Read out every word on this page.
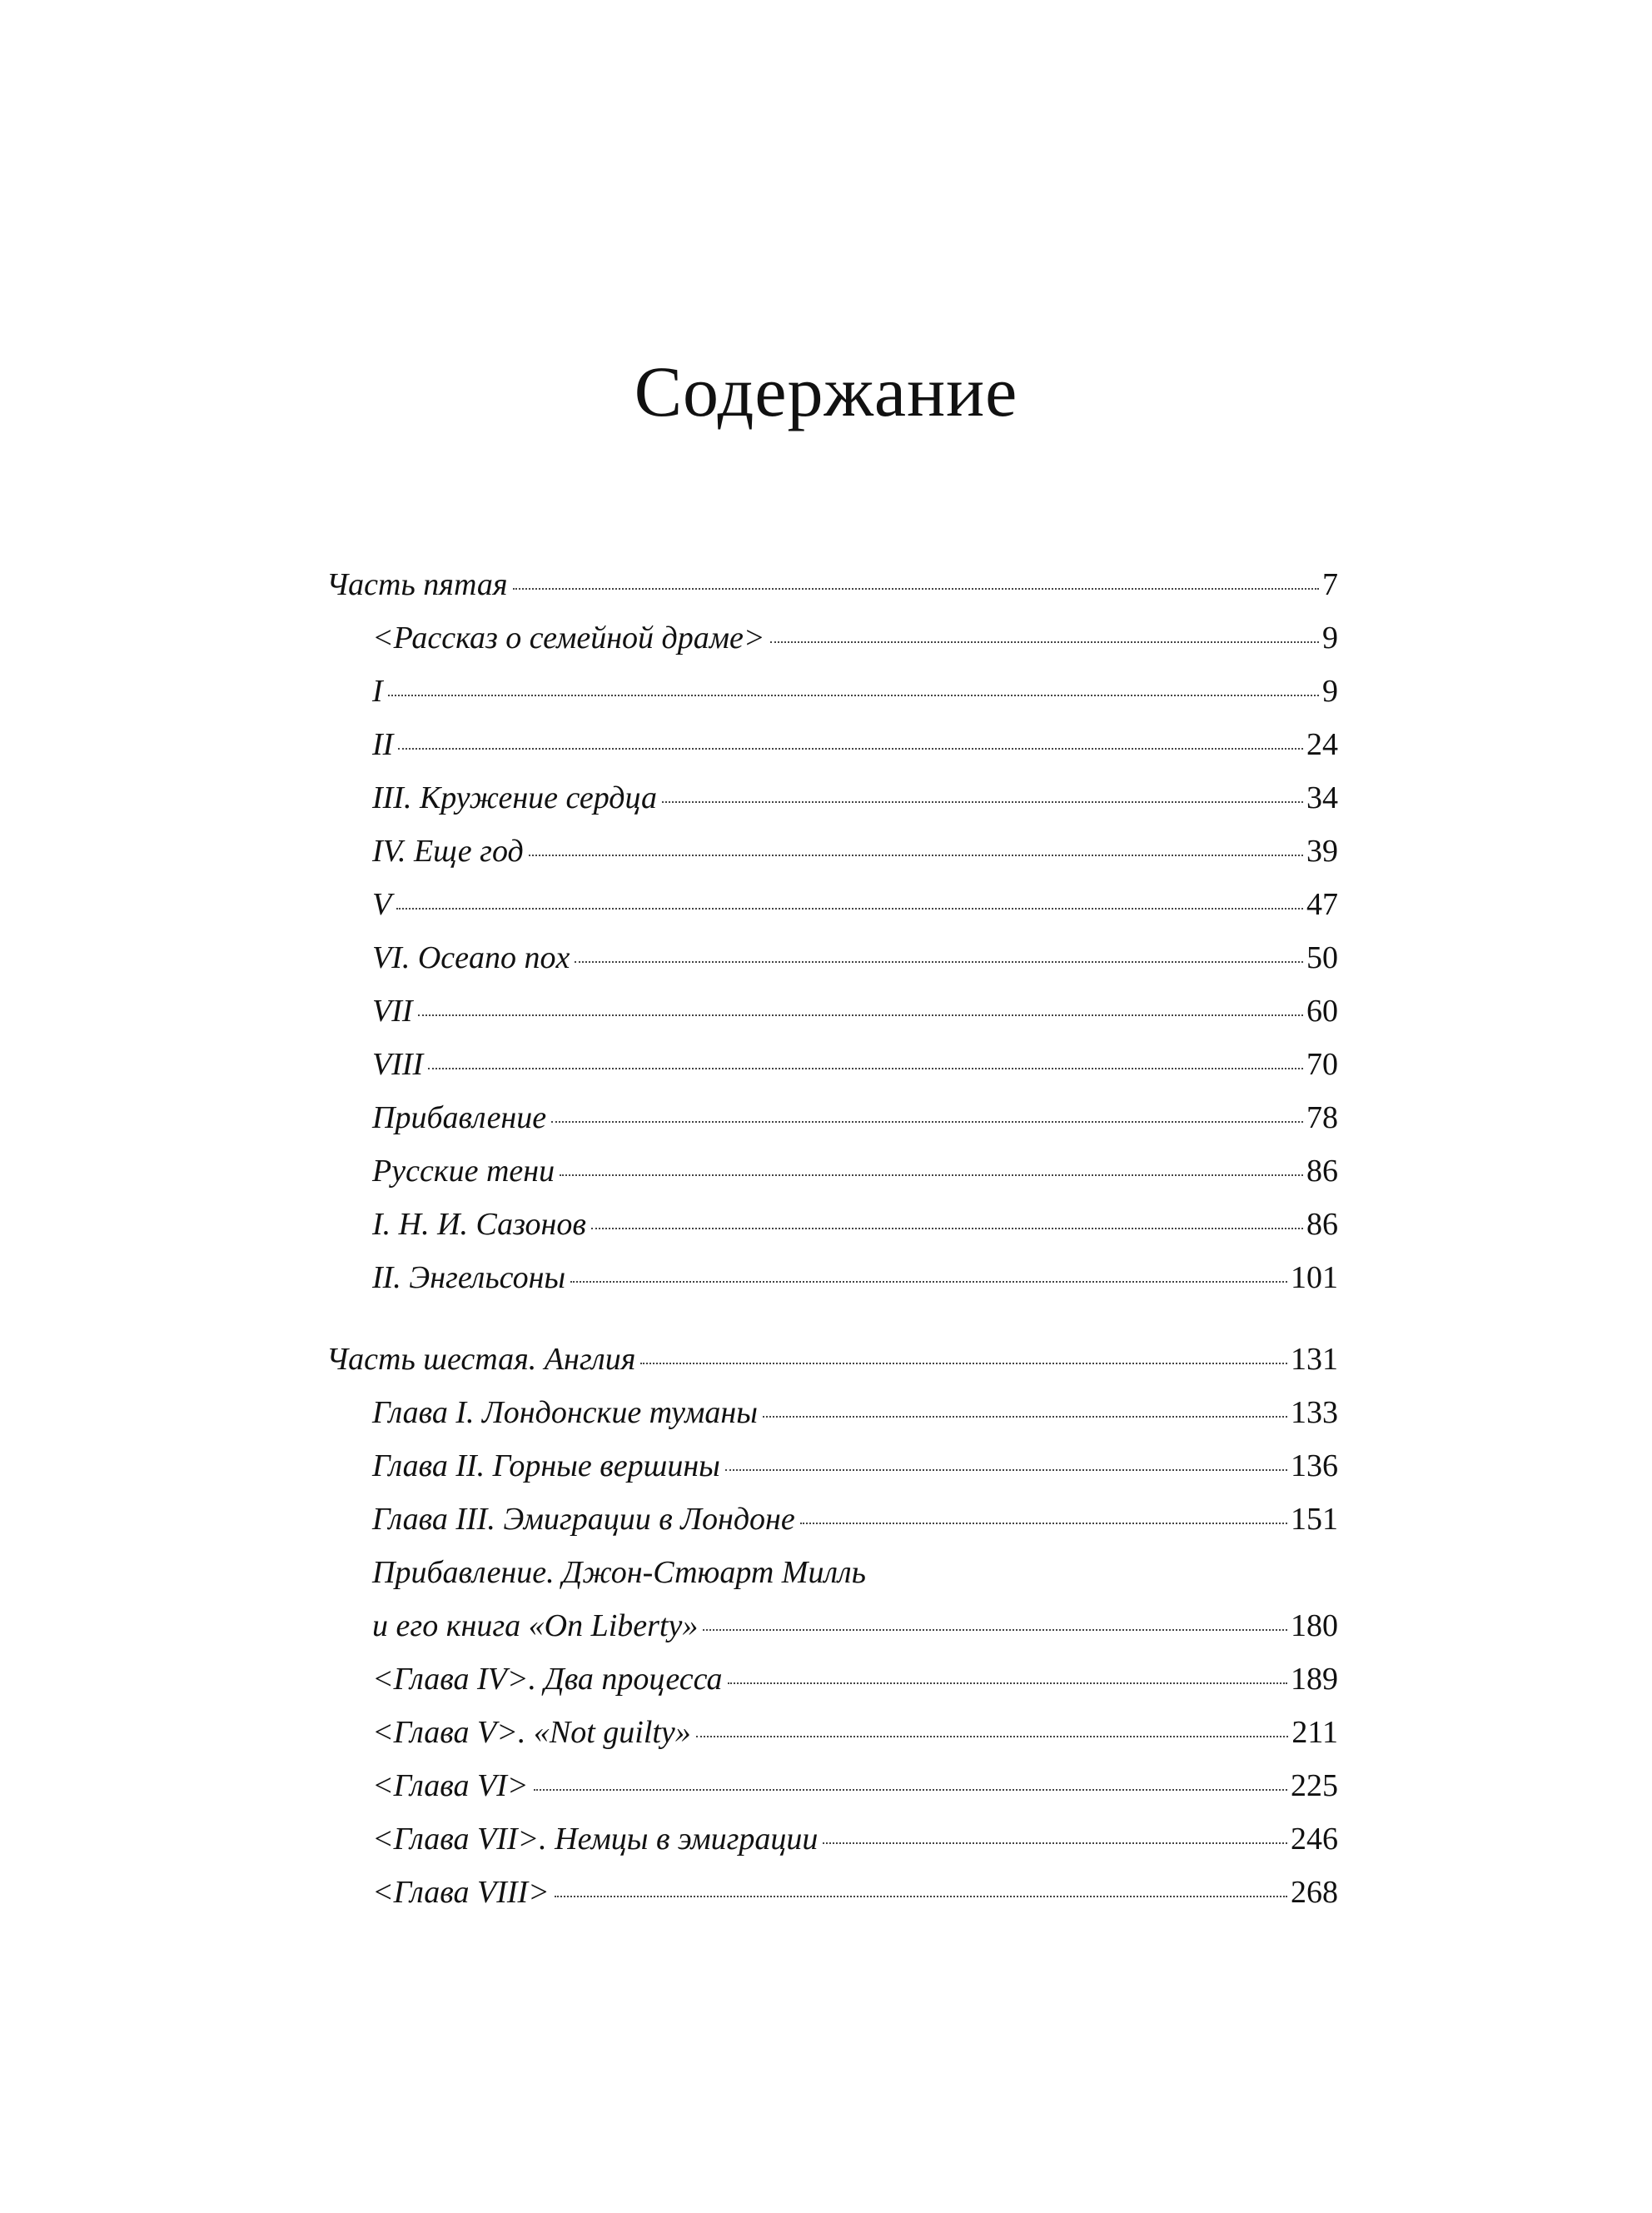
Содержание
Часть пятая	7
<Рассказ о семейной драме>	9
I	9
II	24
III. Кружение сердца	34
IV. Еще год	39
V	47
VI. Oceano nox	50
VII	60
VIII	70
Прибавление	78
Русские тени	86
I. Н. И. Сазонов	86
II. Энгельсоны	101
Часть шестая. Англия	131
Глава I. Лондонские туманы	133
Глава II. Горные вершины	136
Глава III. Эмиграции в Лондоне	151
Прибавление. Джон-Стюарт Милль
и его книга «On Liberty»	180
<Глава IV>. Два процесса	189
<Глава V>. «Not guilty»	211
<Глава VI>	225
<Глава VII>. Немцы в эмиграции	246
<Глава VIII>	268
